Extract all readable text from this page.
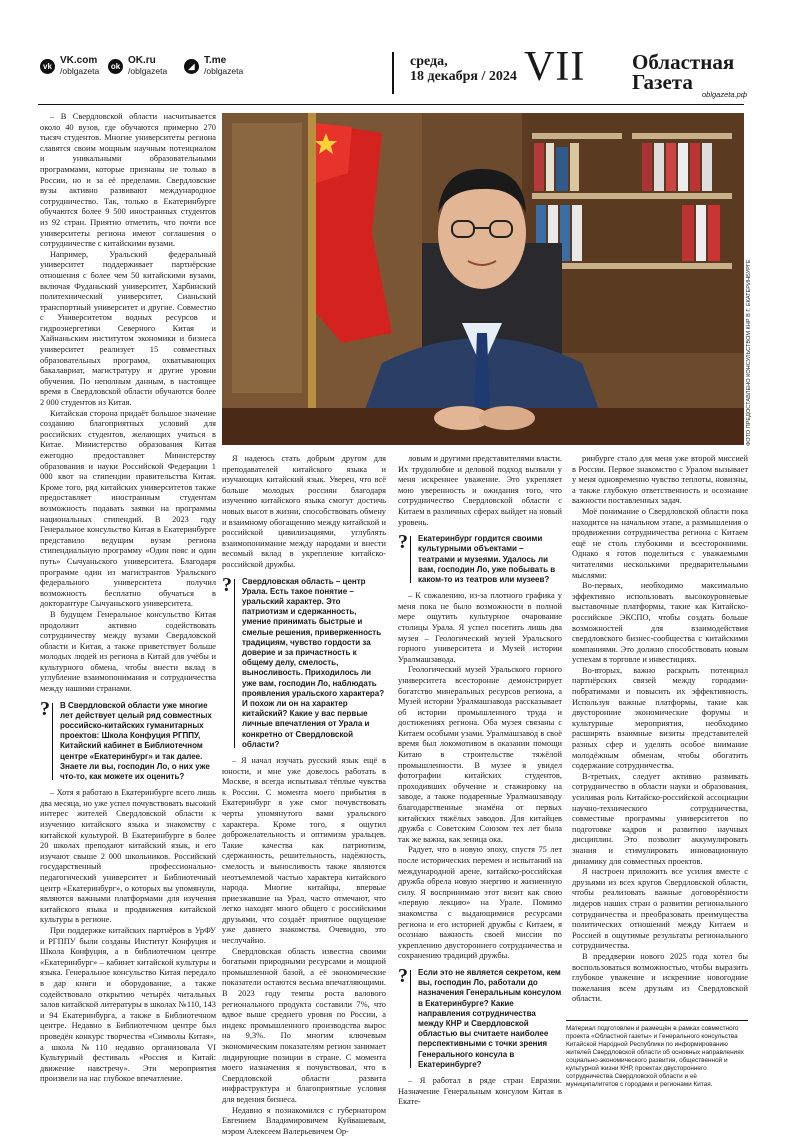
vk VK.com
/oblgazeta	ok OK.ru
/oblgazeta	◢ T.me
/oblgazeta
среда,
18 декабря / 2024 VII Областная
Газета
oblgazeta.рф
ФОТО ПРЕДОСТАВЛЕНО КОНСУЛЬСТВОМ КНР В Г. ЕКАТЕРИНБУРГЕ

– В Свердловской области насчитывается около 40 вузов, где обучаются примерно 270 тысяч студентов. Многие университеты региона славятся своим мощным научным потенциалом и уникальными образовательными программами, которые признаны не только в России, но и за её пределами. Свердловские вузы активно развивают международное сотрудничество. Так, только в Екатеринбурге обучаются более 9 500 иностранных студентов из 92 стран. Приятно отметить, что почти все университеты региона имеют соглашения о сотрудничестве с китайскими вузами.

Например, Уральский федеральный университет поддерживает партнёрские отношения с более чем 50 китайскими вузами, включая Фуданьский университет, Харбинский политехнический университет, Сианьский транспортный университет и другие. Совместно с Университетом водных ресурсов и гидроэнергетики Северного Китая и Хайнаньским институтом экономики и бизнеса университет реализует 15 совместных образовательных программ, охватывающих бакалавриат, магистратуру и другие уровни обучения. По неполным данным, в настоящее время в Свердловской области обучаются более 2 000 студентов из Китая.

Китайская сторона придаёт большое значение созданию благоприятных условий для российских студентов, желающих учиться в Китае. Министерство образования Китая ежегодно предоставляет Министерству образования и науки Российской Федерации 1 000 квот на стипендии правительства Китая. Кроме того, ряд китайских университетов также предоставляет иностранным студентам возможность подавать заявки на программы национальных стипендий. В 2023 году Генеральное консульство Китая в Екатеринбурге представило ведущим вузам региона стипендиальную программу «Один пояс и один путь» Сычуаньского университета. Благодаря программе один из магистрантов Уральского федерального университета получил возможность бесплатно обучаться в докторантуре Сычуаньского университета.

В будущем Генеральное консульство Китая продолжит активно содействовать сотрудничеству между вузами Свердловской области и Китая, а также приветствует больше молодых людей из региона в Китай для учёбы и культурного обмена, чтобы внести вклад в углубление взаимопонимания и сотрудничества между нашими странами.

? В Свердловской области уже многие лет действует целый ряд совместных российско-китайских гуманитарных проектов: Школа Конфуция РГППУ, Китайский кабинет в Библиотечном центре «Екатеринбург» и так далее. Знаете ли вы, господин Ло, о них уже что-то, как можете их оценить?

– Хотя я работаю в Екатеринбурге всего лишь два месяца, но уже успел почувствовать высокий интерес жителей Свердловской области к изучению китайского языка и знакомству с китайской культурой. В Екатеринбурге в более 20 школах преподают китайский язык, и его изучают свыше 2 000 школьников. Российский государственный профессионально-педагогический университет и Библиотечный центр «Екатеринбург», о которых вы упомянули, являются важными платформами для изучения китайского языка и продвижения китайской культуры в регионе.

При поддержке китайских партнёров в УрФУ и РГППУ были созданы Институт Конфуция и Школа Конфуция, а в библиотечном центре «Екатеринбург» – кабинет китайской культуры и языка. Генеральное консульство Китая передало в дар книги и оборудование, а также содействовало открытию четырёх читальных залов китайской литературы в школах №110, 143 и 94 Екатеринбурга, а также в Библиотечном центре. Недавно в Библиотечном центре был проведён конкурс творчества «Символы Китая», а школа №110 недавно организовала VI Культурный фестиваль «Россия и Китай: движение навстречу». Эти мероприятия произвели на нас глубокое впечатление.

Я надеюсь стать добрым другом для преподавателей китайского языка и изучающих китайский язык. Уверен, что всё больше молодых россиян благодаря изучению китайского языка смогут достичь новых высот в жизни, способствовать обмену и взаимному обогащению между китайской и российской цивилизациями, углублять взаимопонимание между народами и внести весомый вклад в укрепление китайско-российской дружбы.

? Свердловская область – центр Урала. Есть такое понятие – уральский характер. Это патриотизм и сдержанность, умение принимать быстрые и смелые решения, приверженность традициям, чувство гордости за доверие и за причастность к общему делу, смелость, выносливость. Приходилось ли уже вам, господин Ло, наблюдать проявления уральского характера? И похож ли он на характер китайский? Какие у вас первые личные впечатления от Урала и конкретно от Свердловской области?

– Я начал изучать русский язык ещё в юности, и мне уже довелось работать в Москве, я всегда испытывал тёплые чувства к России. С момента моего прибытия в Екатеринбург я уже смог почувствовать черты упомянутого вами уральского характера. Кроме того, я ощутил доброжелательность и оптимизм уральцев. Такие качества как патриотизм, сдержанность, решительность, надёжность, смелость и выносливость также являются неотъемлемой частью характера китайского народа. Многие китайцы, впервые приезжавшие на Урал, часто отмечают, что легко находят много общего с российскими друзьями, что создаёт приятное ощущение уже давнего знакомства. Очевидно, это неслучайно.

Свердловская область известна своими богатыми природными ресурсами и мощной промышленной базой, а её экономические показатели остаются весьма впечатляющими. В 2023 году темпы роста валового регионального продукта составили 7%, что вдвое выше среднего уровня по России, а индекс промышленного производства вырос на 9,3%. По многим ключевым экономическим показателям регион занимает лидирующие позиции в стране. С момента моего назначения я почувствовал, что в Свердловской области развита инфраструктура и благоприятные условия для ведения бизнеса.

Недавно я познакомился с губернатором Евгением Владимировичем Куйвашевым, мэром Алексеем Валерьевичем Ор-

ловым и другими представителями власти. Их трудолюбие и деловой подход вызвали у меня искреннее уважение. Это укрепляет мою уверенность и ожидания того, что сотрудничество Свердловской области с Китаем в различных сферах выйдет на новый уровень.

? Екатеринбург гордится своими культурными объектами – театрами и музеями. Удалось ли вам, господин Ло, уже побывать в каком-то из театров или музеев?

– К сожалению, из-за плотного графика у меня пока не было возможности в полной мере ощутить культурное очарование столицы Урала. Я успел посетить лишь два музея – Геологический музей Уральского горного университета и Музей истории Уралмашзавода.

Геологический музей Уральского горного университета всесторонне демонстрирует богатство минеральных ресурсов региона, а Музей истории Уралмашзавода рассказывает об истории промышленного труда и достижениях региона. Оба музея связаны с Китаем особыми узами. Уралмашзавод в своё время был локомотивом в оказании помощи Китаю в строительстве тяжёлой промышленности. В музее я увидел фотографии китайских студентов, проходивших обучение и стажировку на заводе, а также подаренные Уралмашзаводу благодарственные знамёна от первых китайских тяжёлых заводов. Для китайцев дружба с Советским Союзом тех лет была так же важна, как зеница ока.

Радует, что в новую эпоху, спустя 75 лет после исторических перемен и испытаний на международной арене, китайско-российская дружба обрела новую энергию и жизненную силу. Я воспринимаю этот визит как свою «первую лекцию» на Урале. Помимо знакомства с выдающимися ресурсами региона и его историей дружбы с Китаем, я осознаю важность своей миссии по укреплению двустороннего сотрудничества и сохранению традиций дружбы.

? Если это не является секретом, кем вы, господин Ло, работали до назначения Генеральным консулом в Екатеринбурге? Какие направления сотрудничества между КНР и Свердловской областью вы считаете наиболее перспективными с точки зрения Генерального консула в Екатеринбурге?

– Я работал в ряде стран Евразии. Назначение Генеральным консулом Китая в Екате-

ринбурге стало для меня уже второй миссией в России. Первое знакомство с Уралом вызывает у меня одновременно чувство теплоты, новизны, а также глубокую ответственность и осознание важности поставленных задач.

Моё понимание о Свердловской области пока находится на начальном этапе, а размышления о продвижении сотрудничества региона с Китаем ещё не столь глубокими и всесторонними. Однако я готов поделиться с уважаемыми читателями несколькими предварительными мыслями:

Во-первых, необходимо максимально эффективно использовать высокоуровневые выставочные платформы, такие как Китайско-российское ЭКСПО, чтобы создать больше возможностей для взаимодействия свердловского бизнес-сообщества с китайскими компаниями. Это должно способствовать новым успехам в торговле и инвестициях.

Во-вторых, важно раскрыть потенциал партнёрских связей между городами-побратимами и повысить их эффективность. Используя важные платформы, такие как двусторонние экономические форумы и культурные мероприятия, необходимо расширять взаимные визиты представителей разных сфер и уделять особое внимание молодёжным обменам, чтобы обогатить содержание сотрудничества.

В-третьих, следует активно развивать сотрудничество в области науки и образования, усиливая роль Китайско-российской ассоциации научно-технического сотрудничества, совместные программы университетов по подготовке кадров и развитию научных дисциплин. Это позволит аккумулировать знания и стимулировать инновационную динамику для совместных проектов.

Я настроен приложить все усилия вместе с друзьями из всех кругов Свердловской области, чтобы реализовать важные договорённости лидеров наших стран о развитии регионального сотрудничества и преобразовать преимущества политических отношений между Китаем и Россией в ощутимые результаты регионального сотрудничества.

В преддверии нового 2025 года хотел бы воспользоваться возможностью, чтобы выразить глубокое уважение и искренние новогодние пожелания всем друзьям из Свердловской области.

Материал подготовлен и размещён в рамках совместного проекта «Областной газеты» и Генерального консульства Китайской Народной Республики по информированию жителей Свердловской области об основных направлениях социально-экономического развития, общественной и культурной жизни КНР, проектах двустороннего сотрудничества Свердловской области и её муниципалитетов с городами и регионами Китая.
